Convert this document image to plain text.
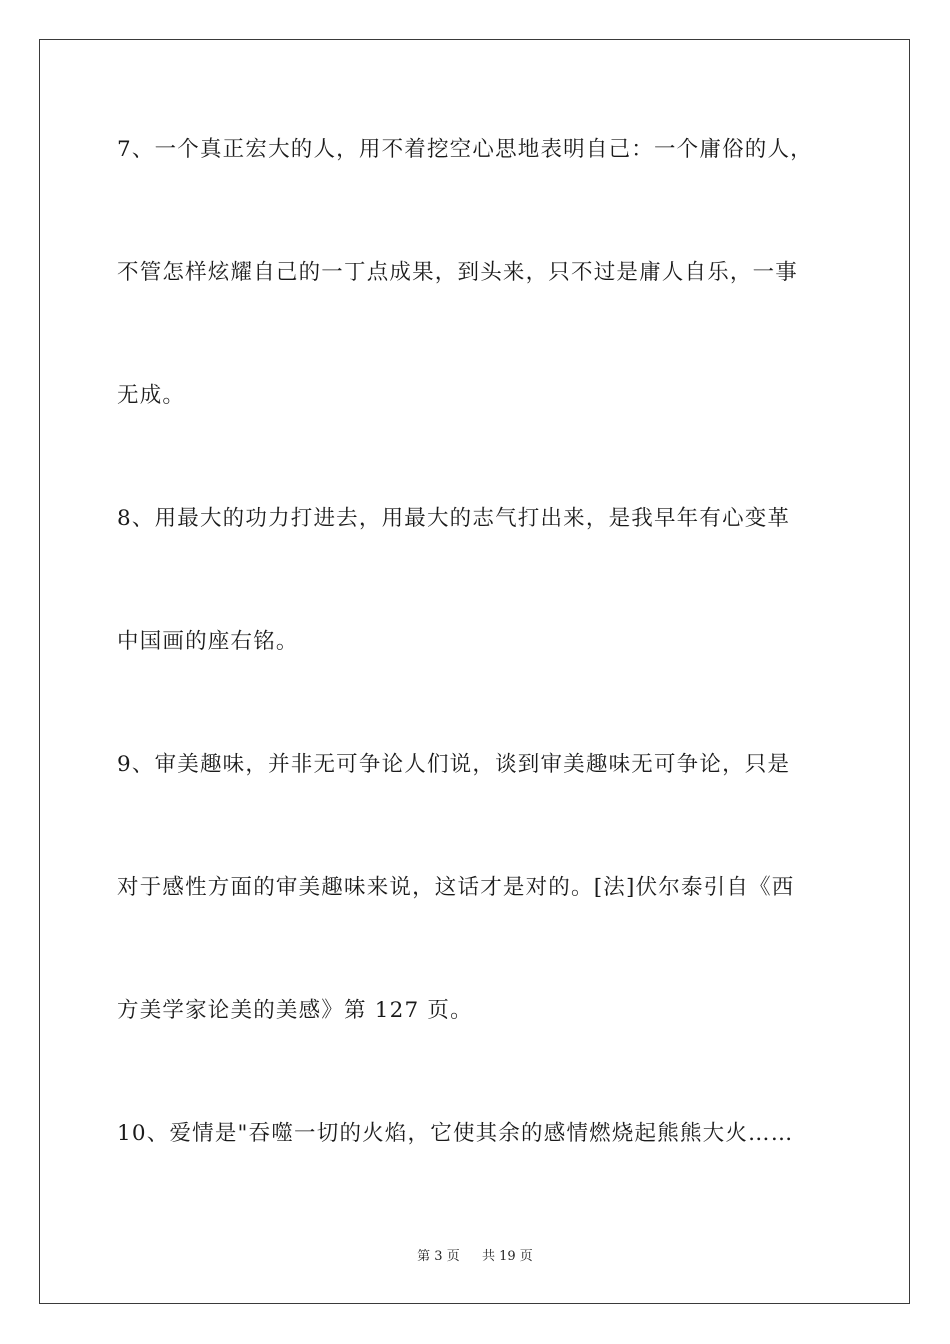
7、一个真正宏大的人，用不着挖空心思地表明自己：一个庸俗的人，
不管怎样炫耀自己的一丁点成果，到头来，只不过是庸人自乐，一事
无成。
8、用最大的功力打进去，用最大的志气打出来，是我早年有心变革
中国画的座右铭。
9、审美趣味，并非无可争论人们说，谈到审美趣味无可争论，只是
对于感性方面的审美趣味来说，这话才是对的。[法]伏尔泰引自《西
方美学家论美的美感》第 127 页。
10、爱情是"吞噬一切的火焰，它使其余的感情燃烧起熊熊大火……
第 3 页 共 19 页
